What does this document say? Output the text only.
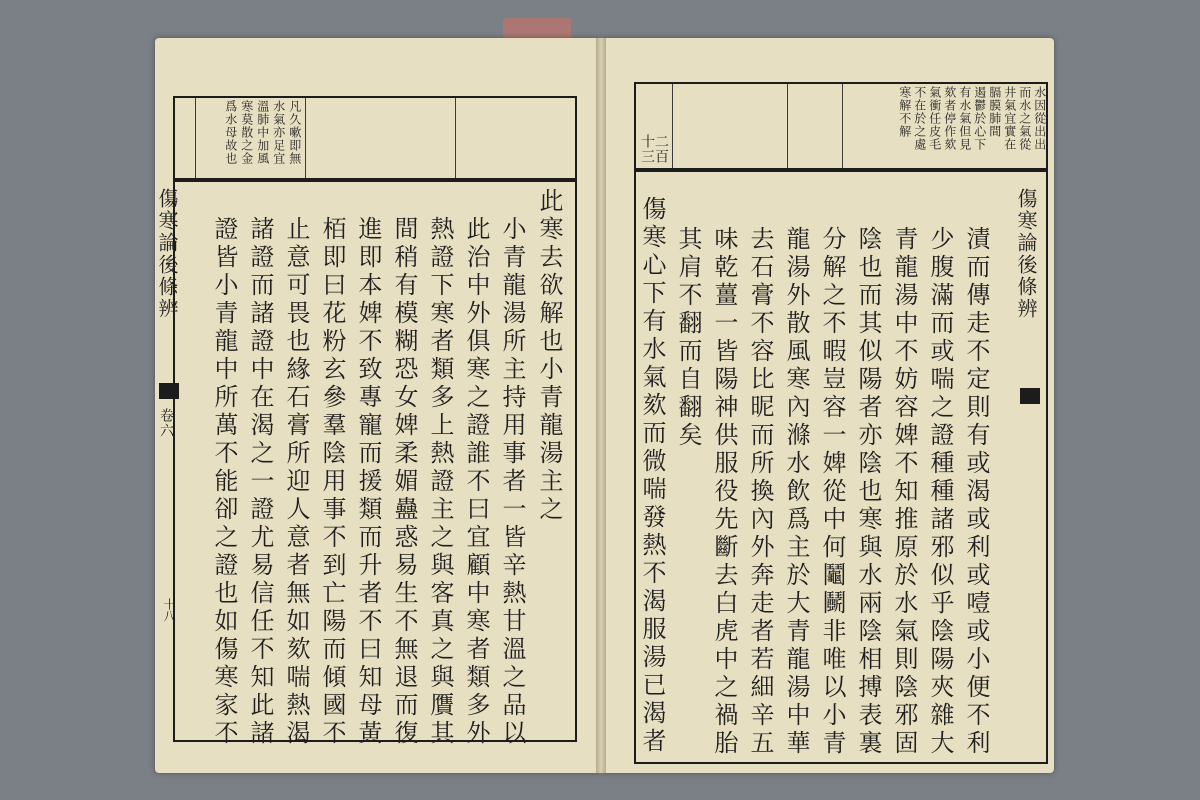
凡久嗽即無
水氣亦足宜
溫肺中加風
寒莫散之金
爲水母故也
此寒去欲解也小青龍湯主之
小青龍湯所主持用事者一皆辛熱甘溫之品以
此治中外俱寒之證誰不曰宜顧中寒者類多外
熱證下寒者類多上熱證主之與客真之與贋其
間稍有模糊恐女婢柔媚蠱惑易生不無退而復
進即本婢不致專寵而援類而升者不曰知母黃
栢即曰花粉玄參羣陰用事不到亡陽而傾國不
止意可畏也緣石膏所迎人意者無如欬喘熱渴
諸證而諸證中在渴之一證尤易信任不知此諸
證皆小青龍中所萬不能卻之證也如傷寒家不
傷寒論後條辨
卷六
十八
水因從出出
而水之氣從
井氣宜實在
膈膜肺間
遏鬱於心下
有水氣但見
欬者停作欬
氣衝任皮毛
不在於之處
寒解不解
十三
二百
傷寒心下有水氣欬而微喘發熱不渴服湯已渴者 其肩不翻而自翻矣 味乾薑一皆陽神供服役先斷去白虎中之禍胎 去石膏不容比昵而所換內外奔走者若細辛五 龍湯外散風寒內滌水飲爲主於大青龍湯中華 分解之不暇豈容一婢從中何鬮鬭非唯以小青 陰也而其似陽者亦陰也寒與水兩陰相搏表裏 青龍湯中不妨容婢不知推原於水氣則陰邪固 少腹滿而或喘之證種種諸邪似乎陰陽夾雜大 漬而傳走不定則有或渴或利或噎或小便不利 傷寒論後條辨
